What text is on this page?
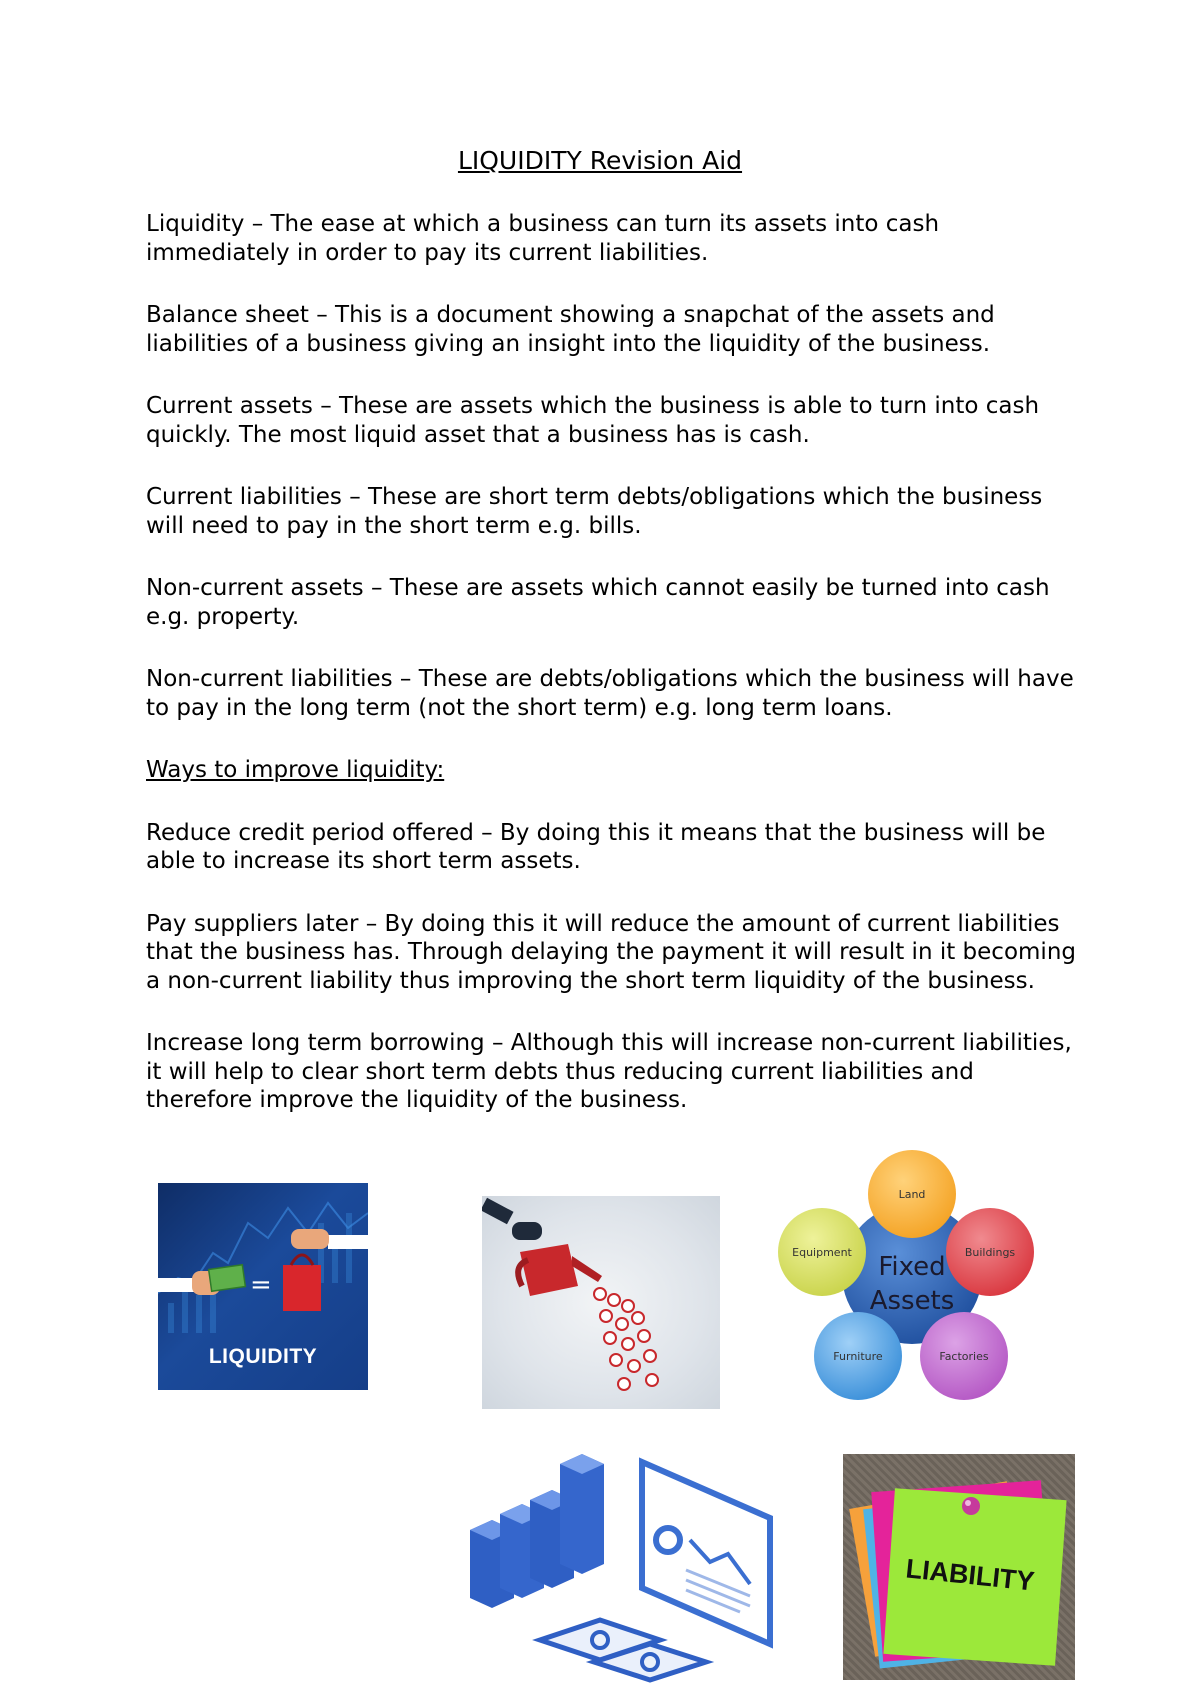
LIQUIDITY Revision Aid

Liquidity – The ease at which a business can turn its assets into cash immediately in order to pay its current liabilities.

Balance sheet – This is a document showing a snapchat of the assets and liabilities of a business giving an insight into the liquidity of the business.

Current assets – These are assets which the business is able to turn into cash quickly. The most liquid asset that a business has is cash.

Current liabilities – These are short term debts/obligations which the business will need to pay in the short term e.g. bills.

Non-current assets – These are assets which cannot easily be turned into cash e.g. property.

Non-current liabilities – These are debts/obligations which the business will have to pay in the long term (not the short term) e.g. long term loans.

Ways to improve liquidity:

Reduce credit period offered – By doing this it means that the business will be able to increase its short term assets.

Pay suppliers later – By doing this it will reduce the amount of current liabilities that the business has. Through delaying the payment it will result in it becoming a non-current liability thus improving the short term liquidity of the business.

Increase long term borrowing – Although this will increase non-current liabilities, it will help to clear short term debts thus reducing current liabilities and therefore improve the liquidity of the business.

=
LIQUIDITY
Fixed
Assets
Land
Buildings
Factories
Furniture
Equipment
LIABILITY
